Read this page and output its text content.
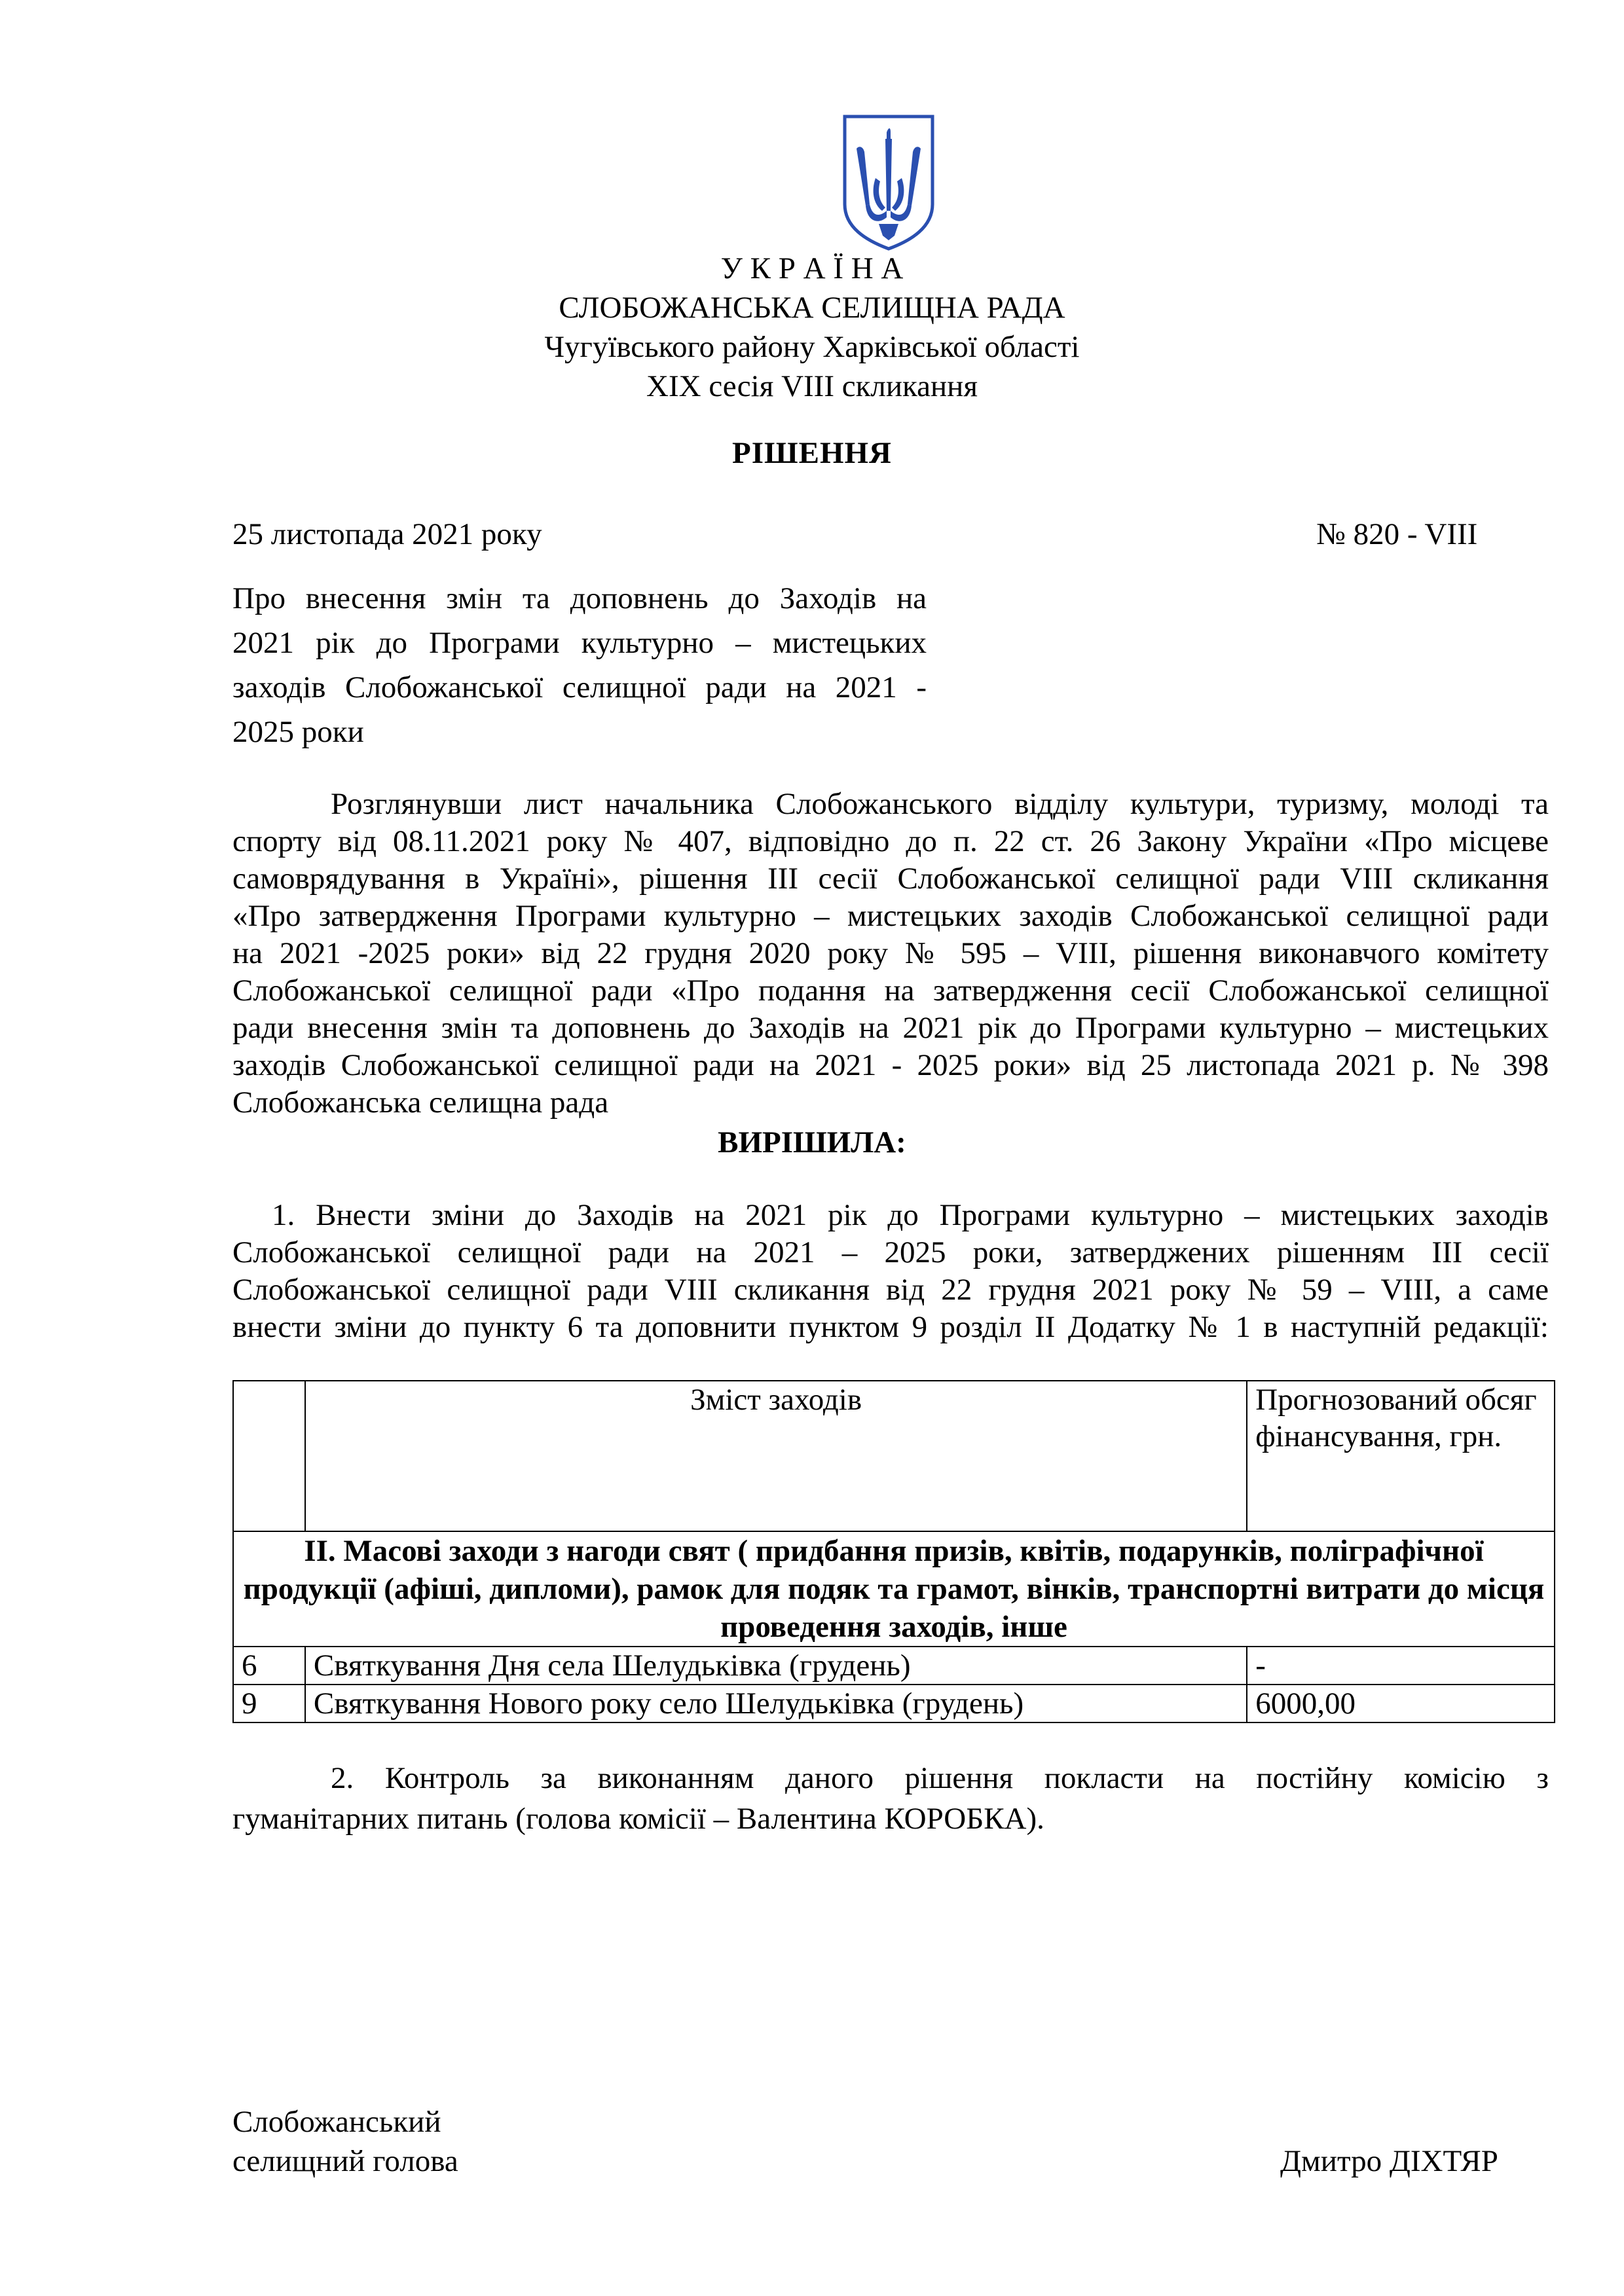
У К Р А Ї Н А
СЛОБОЖАНСЬКА СЕЛИЩНА РАДА
Чугуївського району Харківської області
XIX сесія VIII скликання
РІШЕННЯ
25 листопада 2021 року	№ 820 - VIII
Про внесення змін та доповнень до Заходів на
2021 рік до Програми культурно – мистецьких
заходів Слобожанської селищної ради на 2021 -
2025 роки
Розглянувши лист начальника Слобожанського відділу культури, туризму, молоді та
спорту від 08.11.2021 року № 407, відповідно до п. 22 ст. 26 Закону України «Про місцеве
самоврядування в Україні», рішення ІІІ сесії Слобожанської селищної ради VІІІ скликання
«Про затвердження Програми культурно – мистецьких заходів Слобожанської селищної ради
на 2021 -2025 роки» від 22 грудня 2020 року № 595 – VIII, рішення виконавчого комітету
Слобожанської селищної ради «Про подання на затвердження сесії Слобожанської селищної
ради внесення змін та доповнень до Заходів на 2021 рік до Програми культурно – мистецьких
заходів Слобожанської селищної ради на 2021 - 2025 роки» від 25 листопада 2021 р. № 398
Слобожанська селищна рада
ВИРІШИЛА:
1. Внести зміни до Заходів на 2021 рік до Програми культурно – мистецьких заходів
Слобожанської селищної ради на 2021 – 2025 роки, затверджених рішенням ІІІ сесії
Слобожанської селищної ради VІІІ скликання від 22 грудня 2021 року № 59 – VIII, а саме
внести зміни до пункту 6 та доповнити пунктом 9 розділ ІІ Додатку № 1 в наступній редакції:
	Зміст заходів	Прогнозований обсяг фінансування, грн.
ІІ. Масові заходи з нагоди свят ( придбання призів, квітів, подарунків, поліграфічної продукції (афіші, дипломи), рамок для подяк та грамот, вінків, транспортні витрати до місця проведення заходів, інше		
6	Святкування Дня села Шелудьківка (грудень)	-
9	Святкування Нового року село Шелудьківка (грудень)	6000,00
2. Контроль за виконанням даного рішення покласти на постійну комісію з
гуманітарних питань (голова комісії – Валентина КОРОБКА).
Слобожанський
селищний голова	Дмитро ДІХТЯР
